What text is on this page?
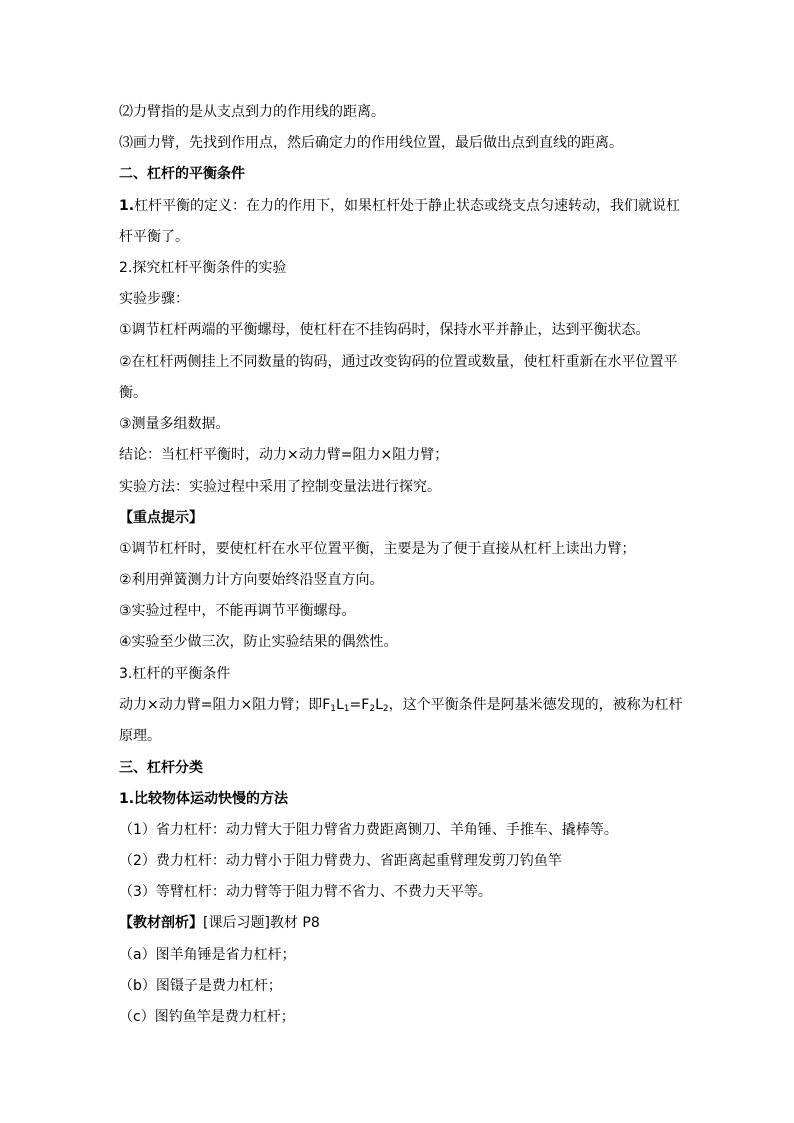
⑵力臂指的是从支点到力的作用线的距离。
⑶画力臂，先找到作用点，然后确定力的作用线位置，最后做出点到直线的距离。
二、杠杆的平衡条件
1.杠杆平衡的定义：在力的作用下，如果杠杆处于静止状态或绕支点匀速转动，我们就说杠
杆平衡了。
2.探究杠杆平衡条件的实验
实验步骤：
①调节杠杆两端的平衡螺母，使杠杆在不挂钩码时，保持水平并静止，达到平衡状态。
②在杠杆两侧挂上不同数量的钩码，通过改变钩码的位置或数量，使杠杆重新在水平位置平
衡。
③测量多组数据。
结论：当杠杆平衡时，动力×动力臂=阻力×阻力臂；
实验方法：实验过程中采用了控制变量法进行探究。
【重点提示】
①调节杠杆时，要使杠杆在水平位置平衡，主要是为了便于直接从杠杆上读出力臂；
②利用弹簧测力计方向要始终沿竖直方向。
③实验过程中，不能再调节平衡螺母。
④实验至少做三次，防止实验结果的偶然性。
3.杠杆的平衡条件
动力×动力臂=阻力×阻力臂；即$F_1L_1=F_2L_2$，这个平衡条件是阿基米德发现的，被称为杠杆
原理。
三、杠杆分类
1.比较物体运动快慢的方法
（1）省力杠杆：动力臂大于阻力臂省力费距离铡刀、羊角锤、手推车、撬棒等。
（2）费力杠杆：动力臂小于阻力臂费力、省距离起重臂理发剪刀钓鱼竿
（3）等臂杠杆：动力臂等于阻力臂不省力、不费力天平等。
【教材剖析】[课后习题]教材 P8
（a）图羊角锤是省力杠杆；
（b）图镊子是费力杠杆；
（c）图钓鱼竿是费力杠杆；
